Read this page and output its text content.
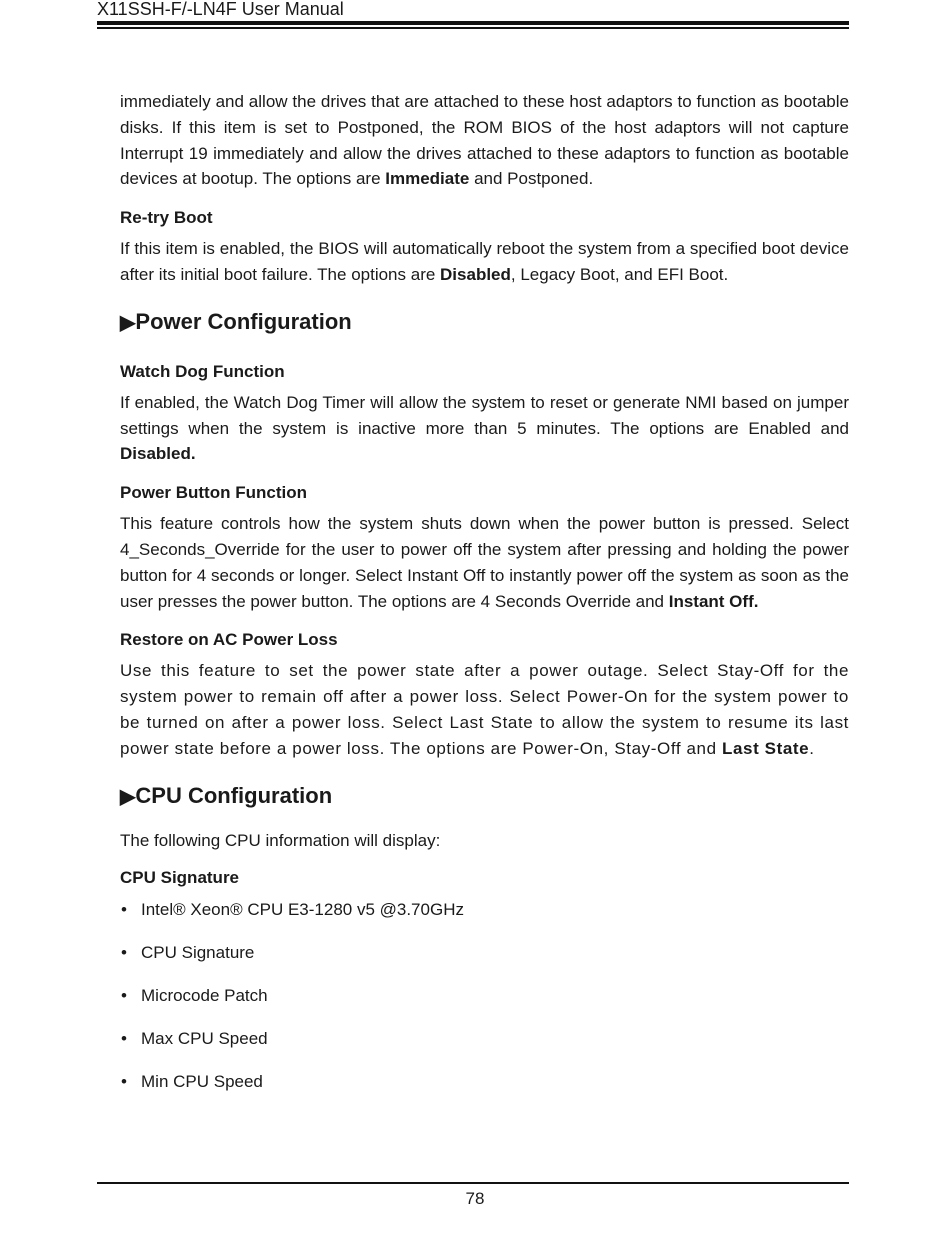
X11SSH-F/-LN4F User Manual

immediately and allow the drives that are attached to these host adaptors to function as bootable disks. If this item is set to Postponed, the ROM BIOS of the host adaptors will not capture Interrupt 19 immediately and allow the drives attached to these adaptors to function as bootable devices at bootup. The options are Immediate and Postponed.

Re-try Boot

If this item is enabled, the BIOS will automatically reboot the system from a specified boot device after its initial boot failure. The options are Disabled, Legacy Boot, and EFI Boot.

▶Power Configuration
Watch Dog Function

If enabled, the Watch Dog Timer will allow the system to reset or generate NMI based on jumper settings when the system is inactive more than 5 minutes. The options are Enabled and Disabled.

Power Button Function

This feature controls how the system shuts down when the power button is pressed. Select 4_Seconds_Override for the user to power off the system after pressing and holding the power button for 4 seconds or longer. Select Instant Off to instantly power off the system as soon as the user presses the power button. The options are 4 Seconds Override and Instant Off.

Restore on AC Power Loss

Use this feature to set the power state after a power outage. Select Stay-Off for the system power to remain off after a power loss. Select Power-On for the system power to be turned on after a power loss. Select Last State to allow the system to resume its last power state before a power loss. The options are Power-On, Stay-Off and Last State.

▶CPU Configuration

The following CPU information will display:

CPU Signature
• Intel® Xeon® CPU E3-1280 v5 @3.70GHz
• CPU Signature
• Microcode Patch
• Max CPU Speed
• Min CPU Speed
78
